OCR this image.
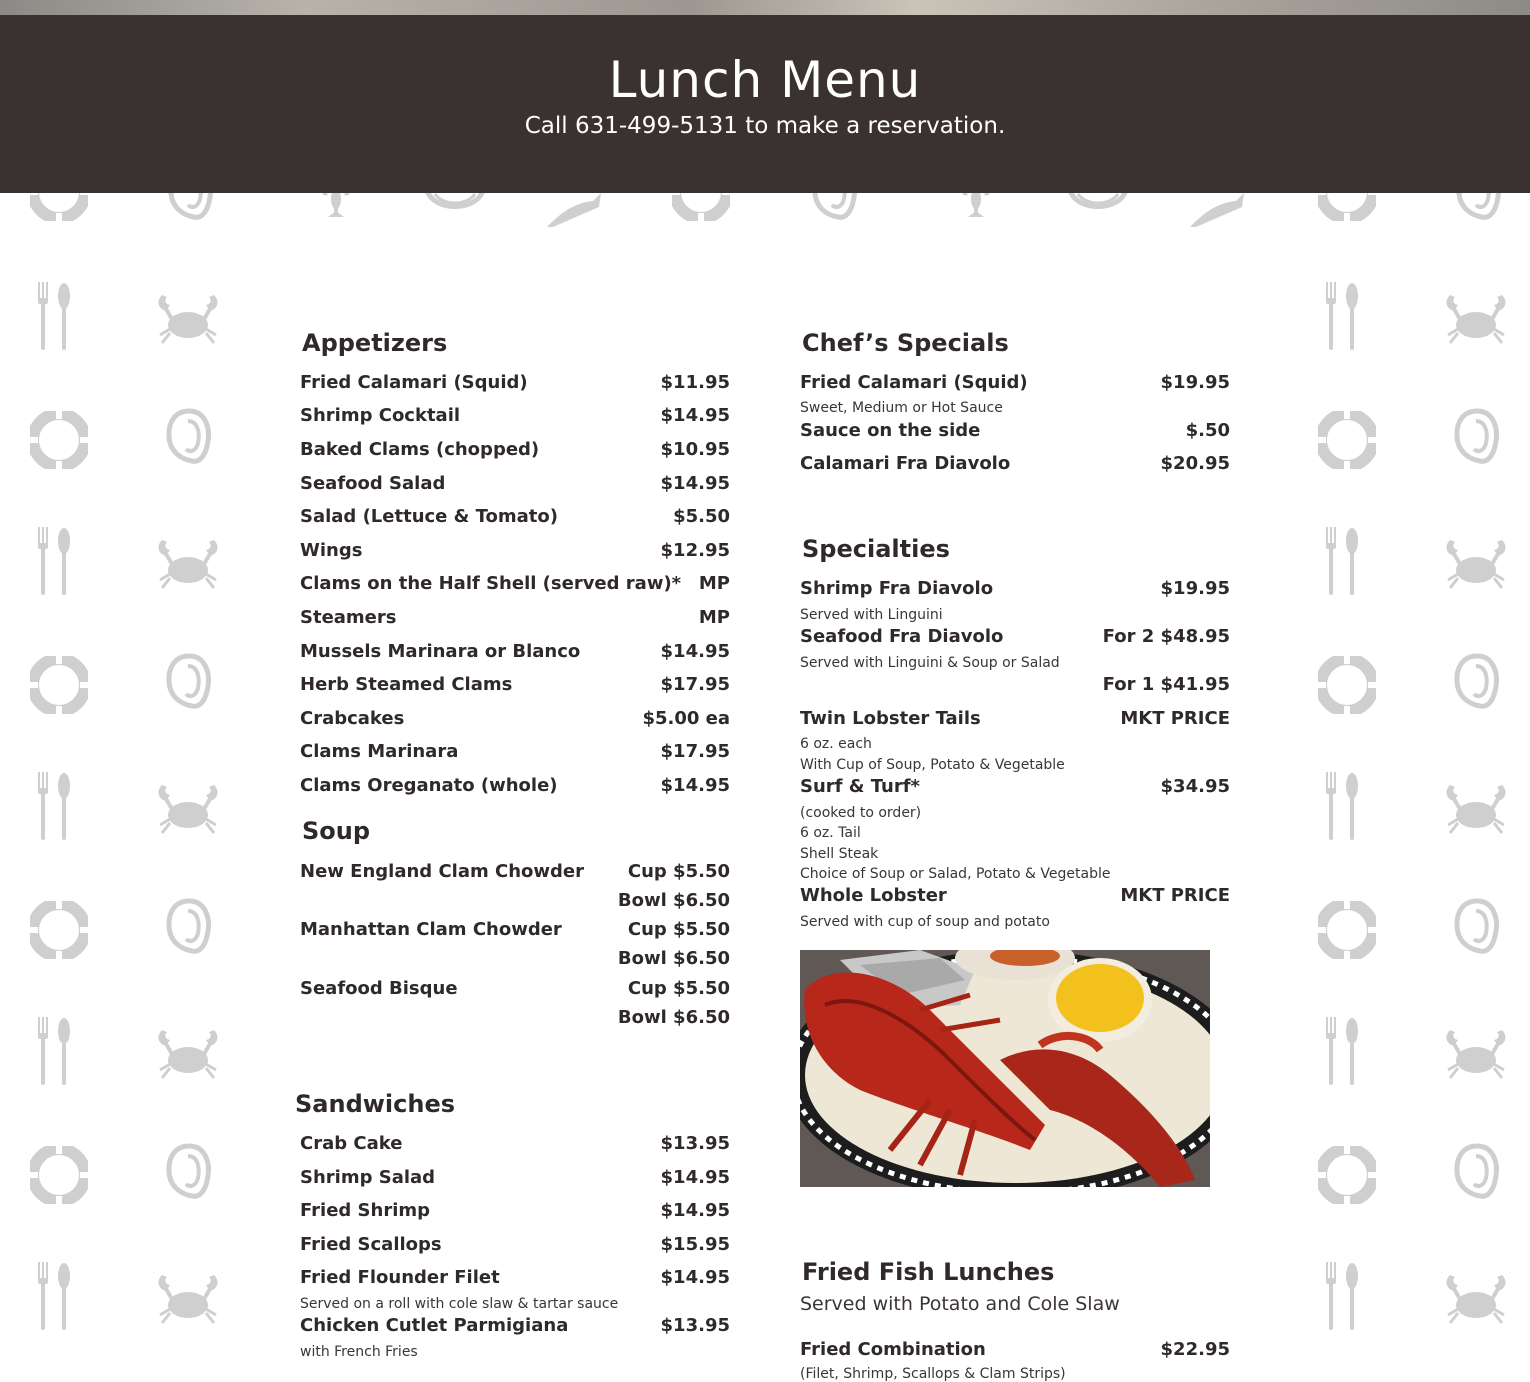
Lunch Menu
Call 631-499-5131 to make a reservation.
Appetizers
Fried Calamari (Squid)	$11.95
Shrimp Cocktail	$14.95
Baked Clams (chopped)	$10.95
Seafood Salad	$14.95
Salad (Lettuce & Tomato)	$5.50
Wings	$12.95
Clams on the Half Shell (served raw)* MP
Steamers	MP
Mussels Marinara or Blanco	$14.95
Herb Steamed Clams	$17.95
Crabcakes	$5.00 ea
Clams Marinara	$17.95
Clams Oreganato (whole)	$14.95
Soup
New England Clam Chowder Cup $5.50
Bowl $6.50
Manhattan Clam Chowder	Cup $5.50
Bowl $6.50
Seafood Bisque	Cup $5.50
Bowl $6.50
Sandwiches
Crab Cake	$13.95
Shrimp Salad	$14.95
Fried Shrimp	$14.95
Fried Scallops	$15.95
Fried Flounder Filet	$14.95
Served on a roll with cole slaw & tartar sauce
Chicken Cutlet Parmigiana	$13.95
with French Fries
Chef’s Specials
Fried Calamari (Squid)	$19.95
Sweet, Medium or Hot Sauce
Sauce on the side	$.50
Calamari Fra Diavolo	$20.95
Specialties
Shrimp Fra Diavolo	$19.95
Served with Linguini
Seafood Fra Diavolo	For 2 $48.95
Served with Linguini & Soup or Salad
For 1 $41.95
Twin Lobster Tails	MKT PRICE
6 oz. each
With Cup of Soup, Potato & Vegetable
Surf & Turf*	$34.95
(cooked to order)
6 oz. Tail
Shell Steak
Choice of Soup or Salad, Potato & Vegetable
Whole Lobster	MKT PRICE
Served with cup of soup and potato
Fried Fish Lunches
Served with Potato and Cole Slaw
Fried Combination	$22.95
(Filet, Shrimp, Scallops & Clam Strips)
